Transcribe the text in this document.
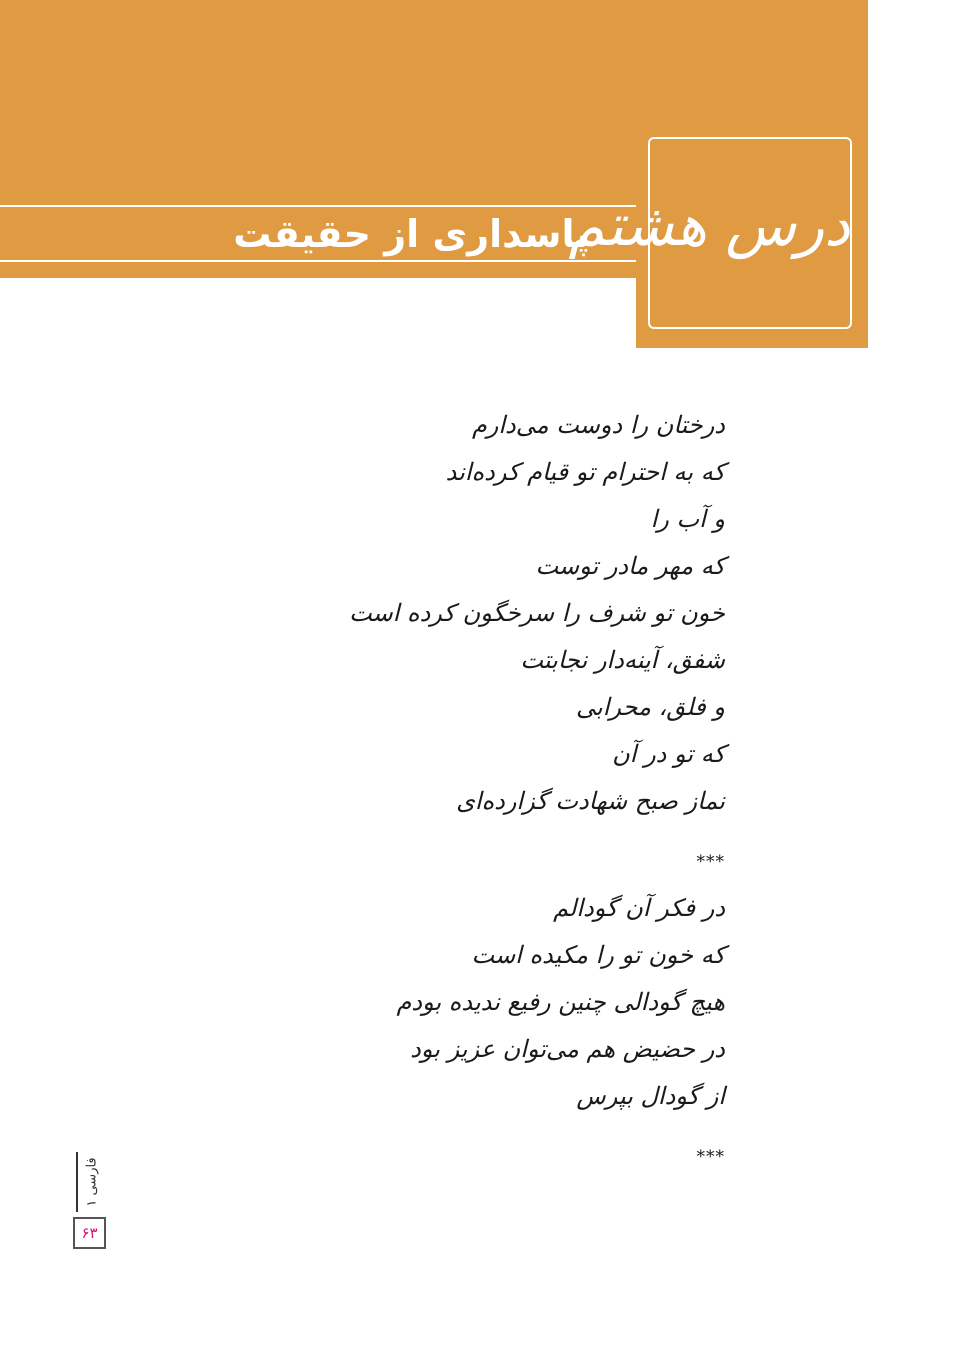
درس هشتم
پاسداری از حقیقت
درختان را دوست می‌دارم
که به احترام تو قیام کرده‌اند
و آب را
که مهر مادر توست
خون تو شرف را سرخگون کرده است
شفق، آینه‌دار نجابتت
و فلق، محرابی
که تو در آن
نماز صبح شهادت گزارده‌ای
***
در فکر آن گودالم
که خون تو را مکیده است
هیچ گودالی چنین رفیع ندیده بودم
در حضیض هم می‌توان عزیز بود
از گودال بپرس
***
فارسی ۱
۶۳
